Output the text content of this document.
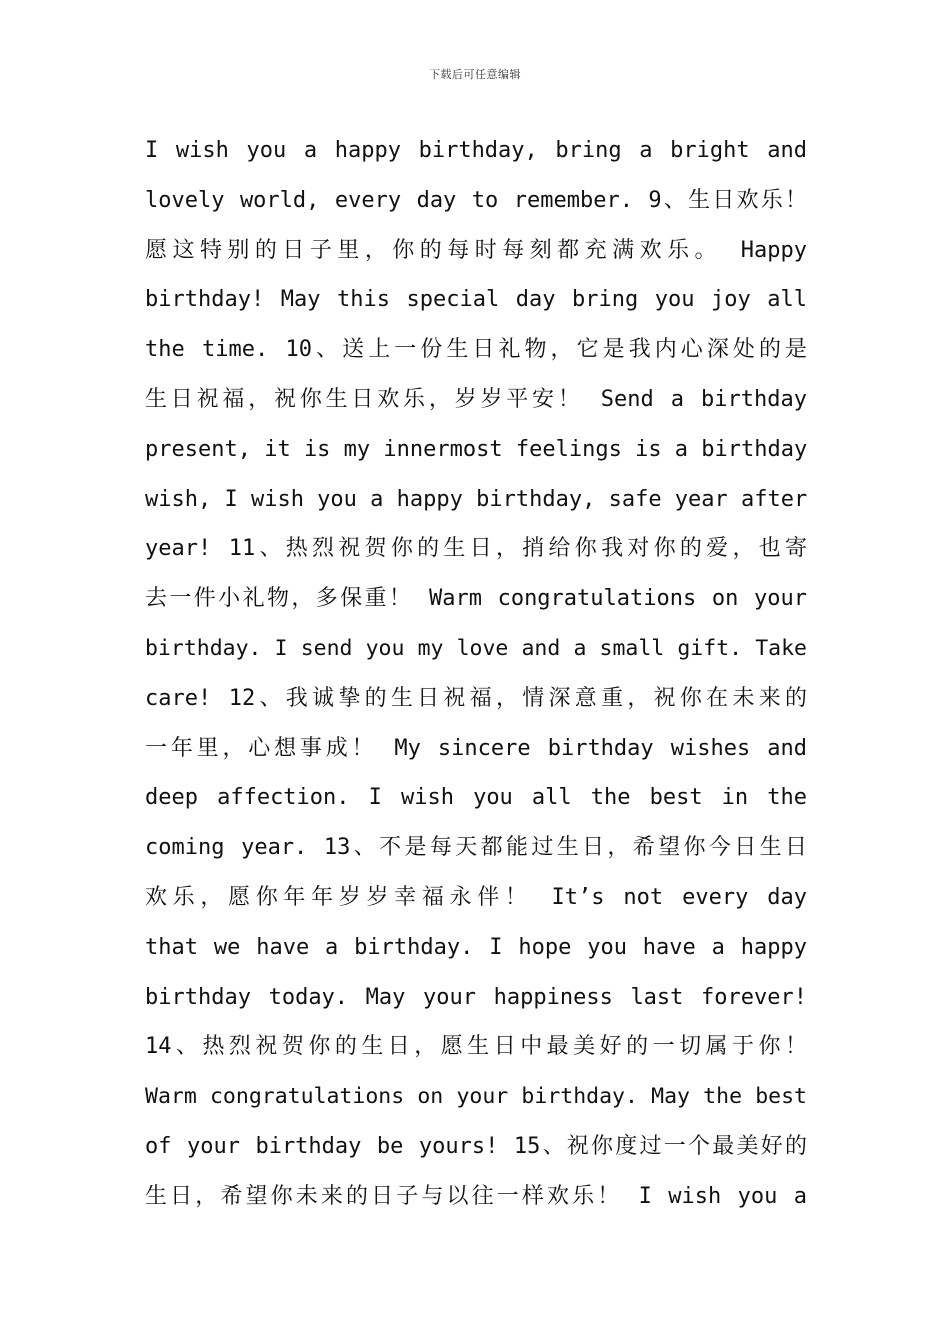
下载后可任意编辑
I wish you a happy birthday, bring a bright and
lovely world, every day to remember. 9、生日欢乐！
愿这特别的日子里，你的每时每刻都充满欢乐。 Happy
birthday! May this special day bring you joy all
the time. 10、送上一份生日礼物，它是我内心深处的是
生日祝福，祝你生日欢乐，岁岁平安！ Send a birthday
present, it is my innermost feelings is a birthday
wish, I wish you a happy birthday, safe year after
year! 11、热烈祝贺你的生日，捎给你我对你的爱，也寄
去一件小礼物，多保重！ Warm congratulations on your
birthday. I send you my love and a small gift. Take
care! 12、我诚挚的生日祝福，情深意重，祝你在未来的
一年里，心想事成！ My sincere birthday wishes and
deep affection. I wish you all the best in the
coming year. 13、不是每天都能过生日，希望你今日生日
欢乐，愿你年年岁岁幸福永伴！ It’s not every day
that we have a birthday. I hope you have a happy
birthday today. May your happiness last forever!
14、热烈祝贺你的生日，愿生日中最美好的一切属于你！
Warm congratulations on your birthday. May the best
of your birthday be yours! 15、祝你度过一个最美好的
生日，希望你未来的日子与以往一样欢乐！ I wish you a
